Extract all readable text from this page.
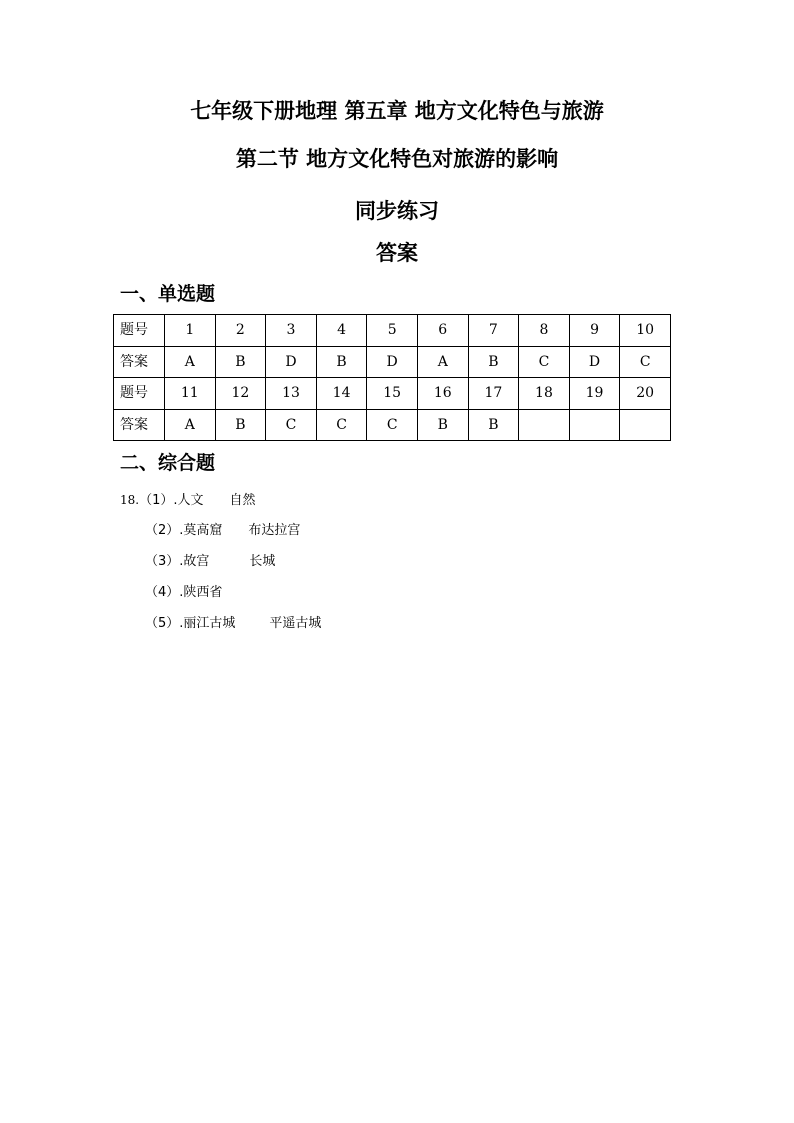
七年级下册地理 第五章 地方文化特色与旅游
第二节 地方文化特色对旅游的影响
同步练习
答案
一、单选题
题号	1	2	3	4	5	6	7	8	9	10
答案	A	B	D	B	D	A	B	C	D	C
题号	11	12	13	14	15	16	17	18	19	20
答案	A	B	C	C	C	B	B			
二、综合题
18.（1）.人文 自然
（2）.莫高窟 布达拉宫
（3）.故宫	长城
（4）.陕西省
（5）.丽江古城	平遥古城
